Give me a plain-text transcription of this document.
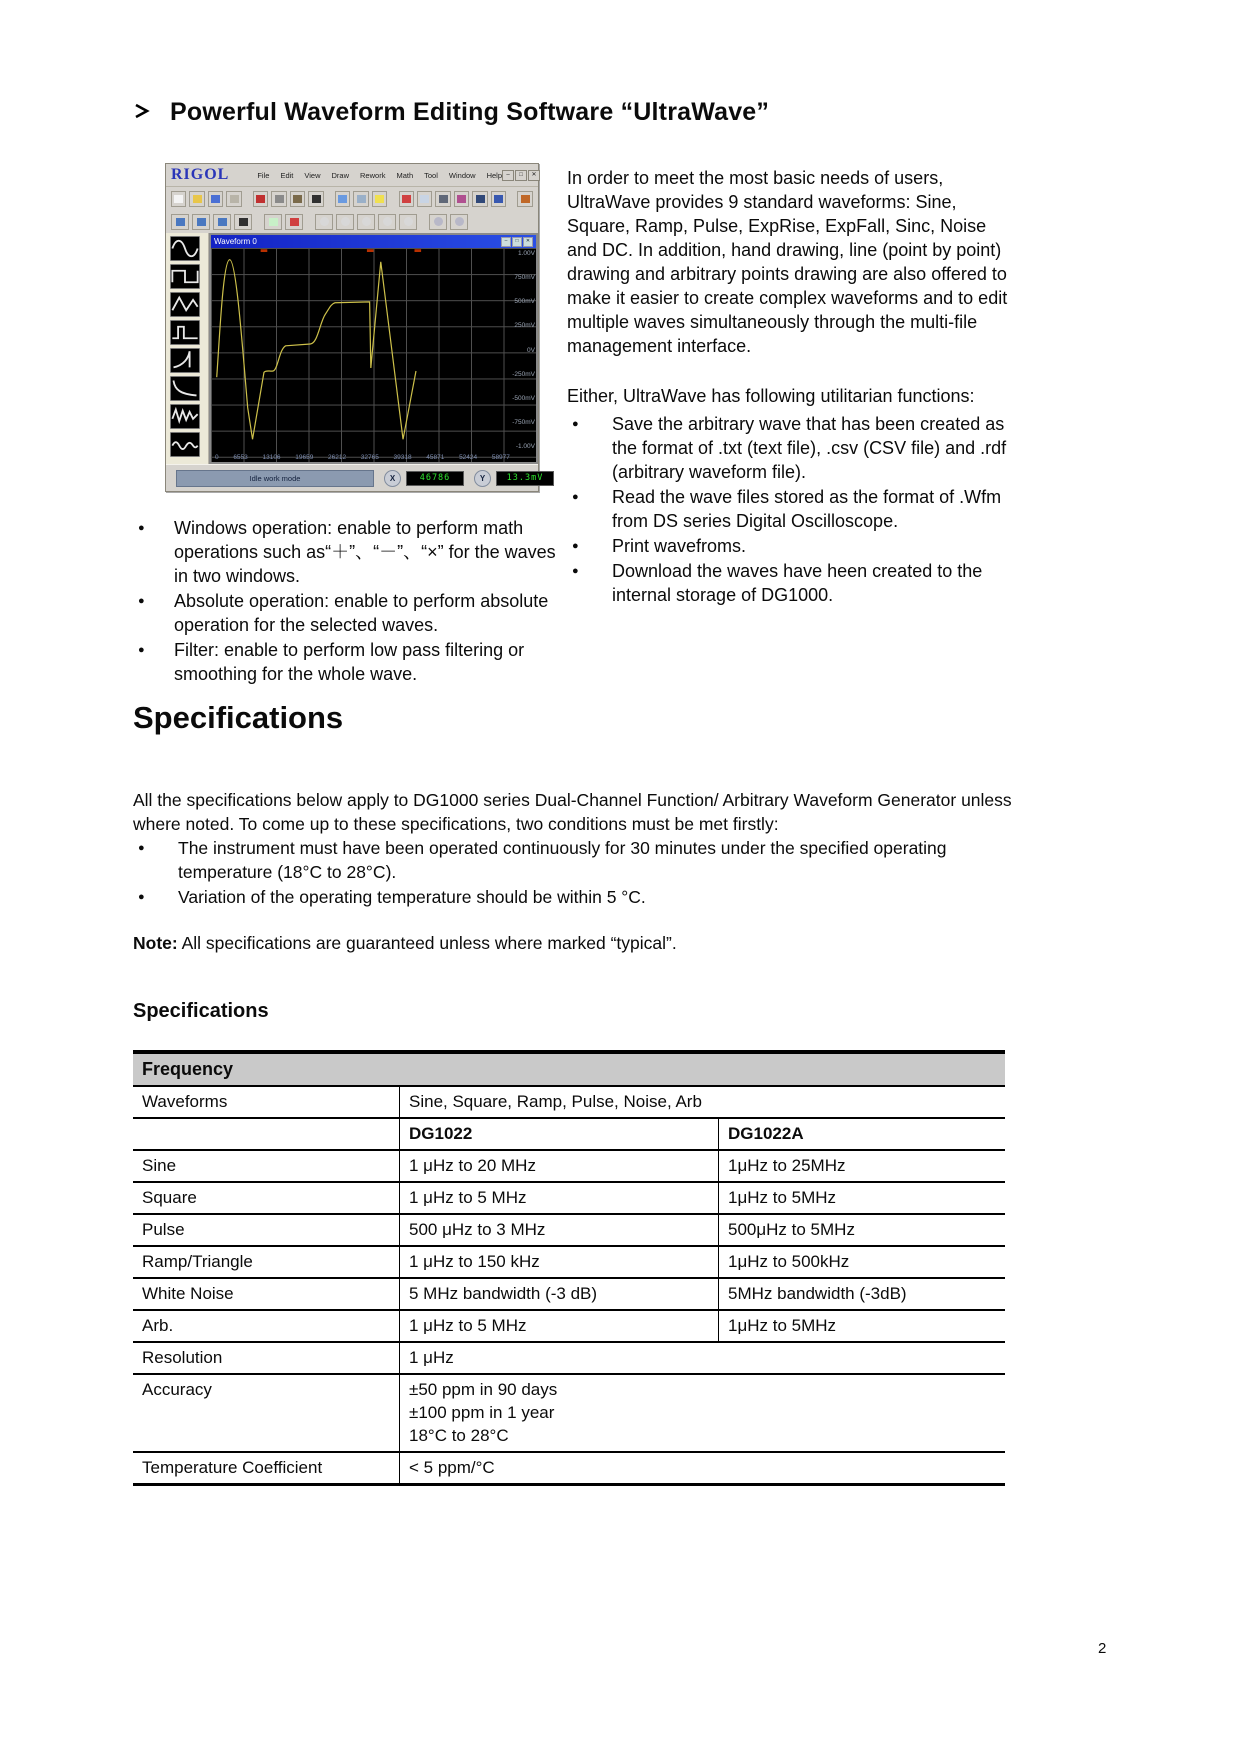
Powerful Waveform Editing Software “UltraWave”
RIGOL	File Edit View Draw Rework Math Tool Window Help –	□	✕
Waveform 0	–	□	✕
1.00V
750mV
500mV
250mV
0V
-250mV
-500mV
-750mV
-1.00V
0 6553 13106 19659 26212 32765 39318 45871 52424 58977
Idle work mode	X	46786	Y	13.3mV

In order to meet the most basic needs of users, UltraWave provides 9 standard waveforms: Sine, Square, Ramp, Pulse, ExpRise, ExpFall, Sinc, Noise and DC. In addition, hand drawing, line (point by point) drawing and arbitrary points drawing are also offered to make it easier to create complex waveforms and to edit multiple waves simultaneously through the multi-file management interface.

Either, UltraWave has following utilitarian functions:

●	Save the arbitrary wave that has been created as the format of .txt (text file), .csv (CSV file) and .rdf (arbitrary waveform file).
●	Read the wave files stored as the format of .Wfm from DS series Digital Oscilloscope.
●	Print wavefroms.
●	Download the waves have heen created to the internal storage of DG1000.
●	Windows operation: enable to perform math operations such as“＋”、“－”、“×” for the waves in two windows.
●	Absolute operation: enable to perform absolute operation for the selected waves.
●	Filter: enable to perform low pass filtering or smoothing for the whole wave.
Specifications

All the specifications below apply to DG1000 series Dual-Channel Function/ Arbitrary Waveform Generator unless where noted. To come up to these specifications, two conditions must be met firstly:

●	The instrument must have been operated continuously for 30 minutes under the specified operating temperature (18°C to 28°C).
●	Variation of the operating temperature should be within 5 °C.
Note: All specifications are guaranteed unless where marked “typical”.
Specifications
Frequency		
Waveforms	Sine, Square, Ramp, Pulse, Noise, Arb	
	DG1022	DG1022A
Sine	1 μHz to 20 MHz	1μHz to 25MHz
Square	1 μHz to 5 MHz	1μHz to 5MHz
Pulse	500 μHz to 3 MHz	500μHz to 5MHz
Ramp/Triangle	1 μHz to 150 kHz	1μHz to 500kHz
White Noise	5 MHz bandwidth (-3 dB)	5MHz bandwidth (-3dB)
Arb.	1 μHz to 5 MHz	1μHz to 5MHz
Resolution	1 μHz	
Accuracy	±50 ppm in 90 days
±100 ppm in 1 year
18°C to 28°C	

Temperature Coefficient	< 5 ppm/°C	
2
